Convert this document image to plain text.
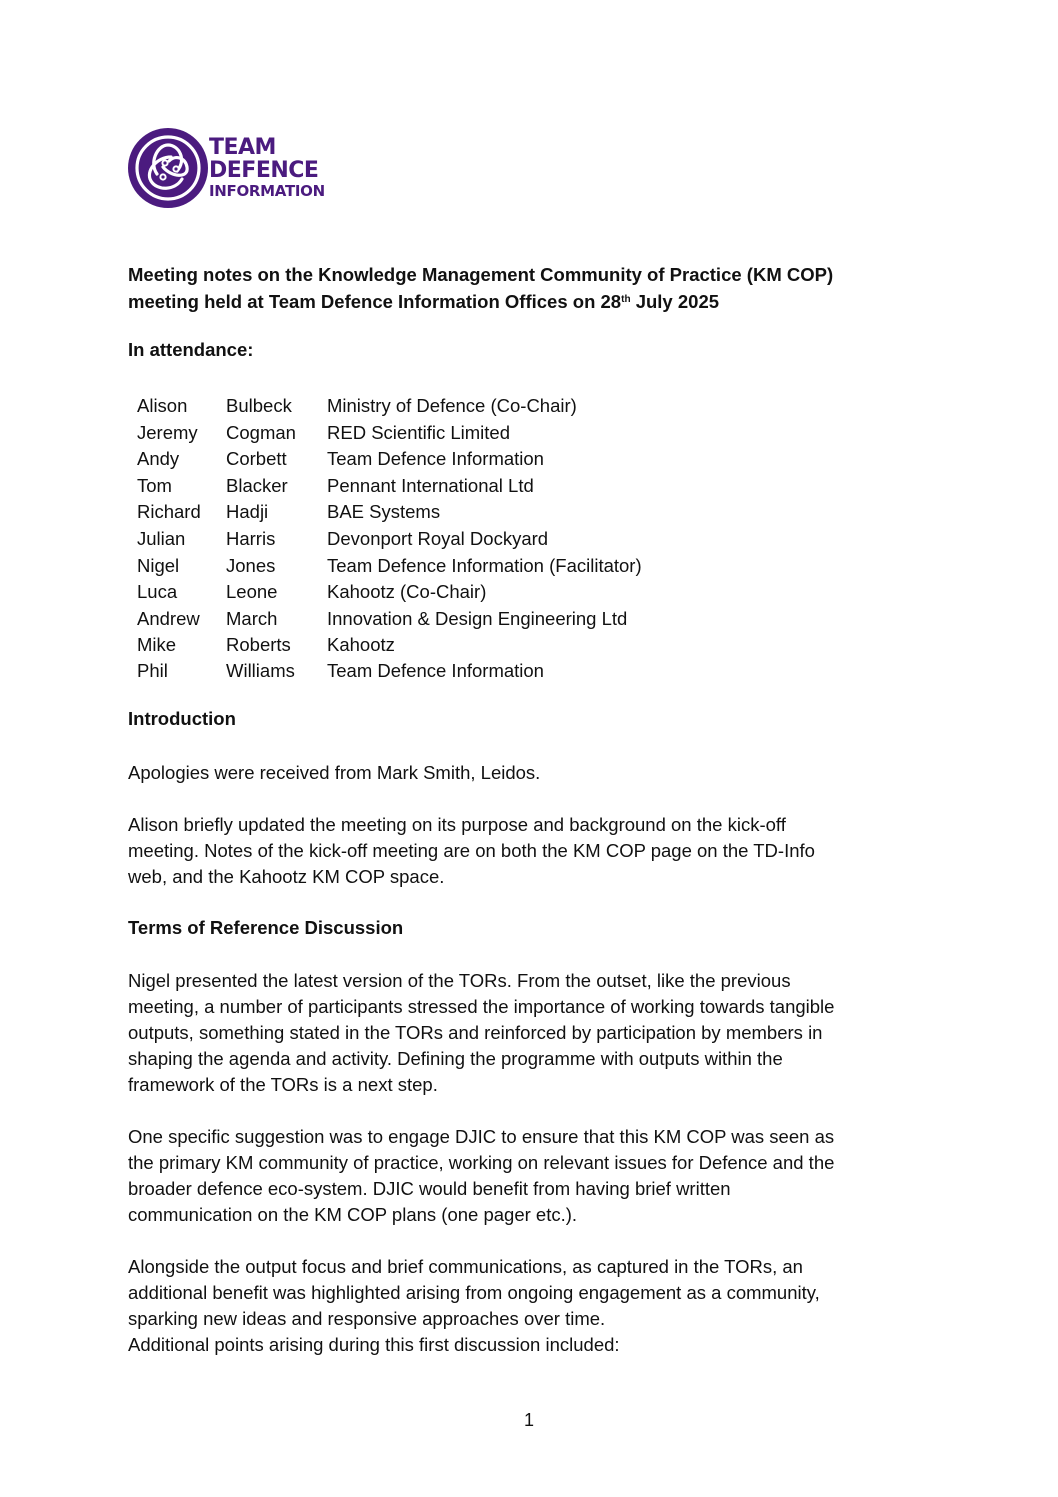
TEAM
DEFENCE
INFORMATION
Meeting notes on the Knowledge Management Community of Practice (KM COP)
meeting held at Team Defence Information Offices on 28th July 2025
In attendance:
Alison	Bulbeck	Ministry of Defence (Co-Chair)
Jeremy	Cogman	RED Scientific Limited
Andy	Corbett	Team Defence Information
Tom	Blacker	Pennant International Ltd
Richard	Hadji	BAE Systems
Julian	Harris	Devonport Royal Dockyard
Nigel	Jones	Team Defence Information (Facilitator)
Luca	Leone	Kahootz (Co-Chair)
Andrew	March	Innovation & Design Engineering Ltd
Mike	Roberts	Kahootz
Phil	Williams	Team Defence Information
Introduction
Apologies were received from Mark Smith, Leidos.
Alison briefly updated the meeting on its purpose and background on the kick-off
meeting. Notes of the kick-off meeting are on both the KM COP page on the TD-Info
web, and the Kahootz KM COP space.
Terms of Reference Discussion
Nigel presented the latest version of the TORs. From the outset, like the previous
meeting, a number of participants stressed the importance of working towards tangible
outputs, something stated in the TORs and reinforced by participation by members in
shaping the agenda and activity. Defining the programme with outputs within the
framework of the TORs is a next step.
One specific suggestion was to engage DJIC to ensure that this KM COP was seen as
the primary KM community of practice, working on relevant issues for Defence and the
broader defence eco-system. DJIC would benefit from having brief written
communication on the KM COP plans (one pager etc.).
Alongside the output focus and brief communications, as captured in the TORs, an
additional benefit was highlighted arising from ongoing engagement as a community,
sparking new ideas and responsive approaches over time.
Additional points arising during this first discussion included:
1
